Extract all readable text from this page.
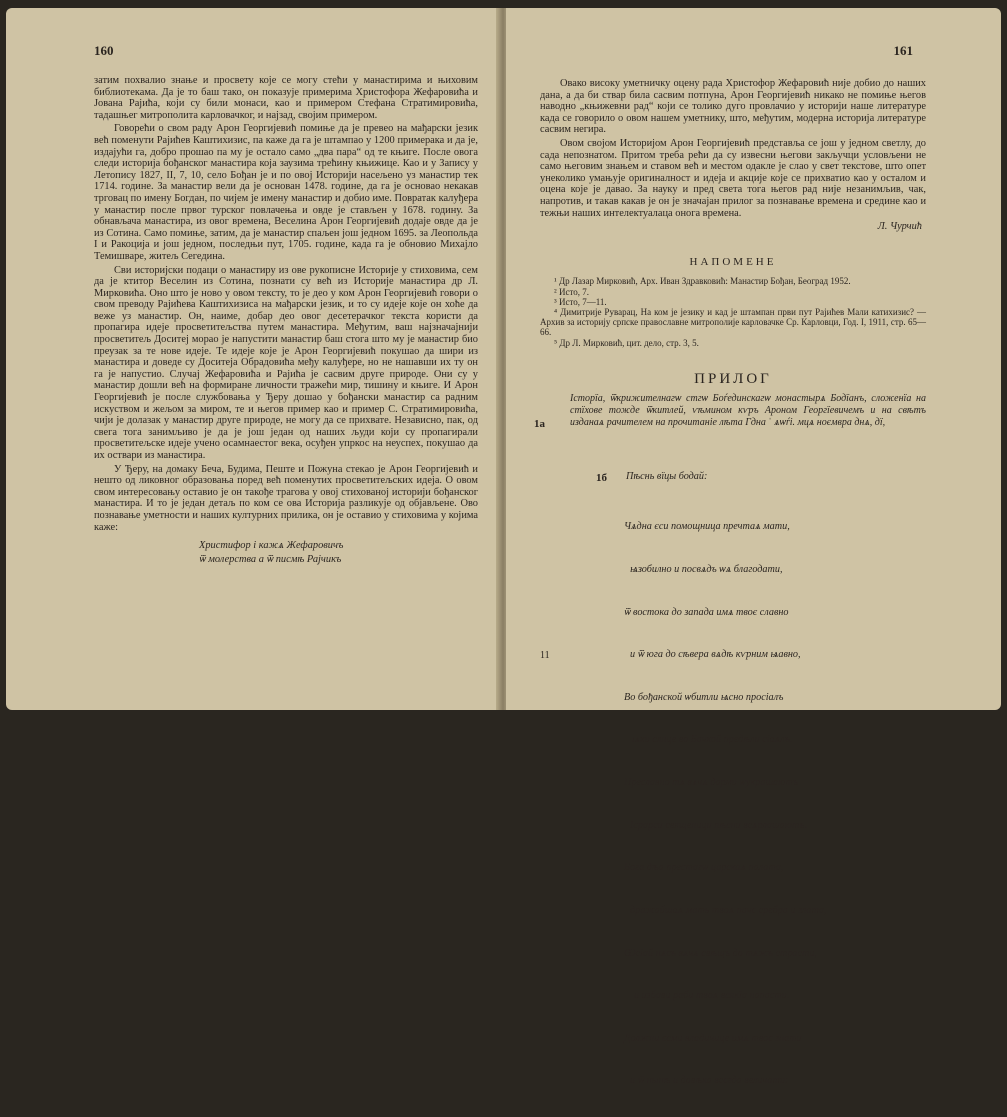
160

затим похвалио знање и просвету које се могу стећи у манастирима и њиховим библиотекама. Да је то баш тако, он показује примерима Христофора Жефаровића и Јована Рајића, који су били монаси, као и примером Стефана Стратимировића, тадашњег митрополита карловачког, и најзад, својим примером.

Говорећи о свом раду Арон Георгијевић помиње да је превео на мађарски језик већ поменути Рајићев Каштихизис, па каже да га је штампао у 1200 примерака и да је, издајући га, добро прошао па му је остало само „два пара“ од те књиге. После овога следи историја бођанског манастира која заузима трећину књижице. Као и у Запису у Летопису 1827, II, 7, 10, село Бођан је и по овој Историји насељено уз манастир тек 1714. године. За манастир вели да је основан 1478. године, да га је основао некакав трговац по имену Богдан, по чијем је имену манастир и добио име. Повратак калуђера у манастир после првог турског повлачења и овде је стављен у 1678. годину. За обнављача манастира, из овог времена, Веселина Арон Георгијевић додаје овде да је из Сотина. Само помиње, затим, да је манастир спаљен још једном 1695. за Леопольда I и Ракоција и још једном, последњи пут, 1705. године, када га је обновио Михајло Темишваре, житељ Сегедина.

Сви историјски подаци о манастиру из ове рукописне Историје у стиховима, сем да је ктитор Веселин из Сотина, познати су већ из Историје манастира др Л. Мирковића. Оно што је ново у овом тексту, то је део у ком Арон Георгијевић говори о свом преводу Рајићева Каштихизиса на мађарски језик, и то су идеје које он хоће да веже уз манастир. Он, наиме, добар део овог десетерачког текста користи да пропагира идеје просветитељства путем манастира. Међутим, ваш најзначајнији просветитељ Доситеј морао је напустити манастир баш стога што му је манастир био преузак за те нове идеје. Те идеје које је Арон Георгијевић покушао да шири из манастира и доведе су Доситеја Обрадовића међу калуђере, но не нашавши их ту он га је напустио. Случај Жефаровића и Рајића је сасвим друге природе. Они су у манастир дошли већ на формиране личности тражећи мир, тишину и књиге. И Арон Георгијевић је после службовања у Ђеру дошао у бођански манастир са радним искуством и жељом за миром, те и његов пример као и пример С. Стратимировића, чији је долазак у манастир друге природе, не могу да се прихвате. Независно, пак, од свега тога занимљиво је да је још један од наших људи који су пропагирали просветитељске идеје учено осамнаестог века, осуђен упркос на неуспех, покушао да их оствари из манастира.

У Ђеру, на домаку Беча, Будима, Пеште и Пожуна стекао је Арон Георгијевић и нешто од ликовног образовања поред већ поменутих просветитељских идеја. О овом свом интересовању оставио је он такође трагова у овој стихованој историји бођанског манастира. И то је један детаљ по ком се ова Историја разликује од објављене. Ово познавање уметности и наших културних прилика, он је оставио у стиховима у којима каже:

Христифор і кажѧ Жефаровичъ
ѿ молерства а ѿ писмѣ Рајчикъ
161

Овако високу уметничку оцену рада Христофор Жефаровић није добио до наших дана, а да би ствар била сасвим потпуна, Арон Георгијевић никако не помиње његов наводно „књижевни рад“ који се толико дуго провлачио у историји наше литературе када се говорило о овом нашем уметнику, што, међутим, модерна историја литературе сасвим негира.

Овом својом Историјом Арон Георгијевић представља се још у једном светлу, до сада непознатом. Притом треба рећи да су извесни његови закључци условљени не само његовим знањем и ставом већ и местом одакле је слао у свет текстове, што опет унеколико умањује оригиналност и идеја и акције које се прихватио као у осталом и оцена које је давао. За науку и пред света тога његов рад није незанимљив, чак, напротив, и такав какав је он је значајан прилог за познавање времена и средине као и тежњи наших интелектуалаца онога времена.

Л. Чурчић
НАПОМЕНЕ
¹ Др Лазар Мирковић, Арх. Иван Здравковић: Манастир Бођан, Београд 1952.
² Исто, 7.
³ Исто, 7—11.
⁴ Димитрије Руварац, На ком је језику и кад је штампан први пут Рајићев Мали катихизис? — Архив за историју српске православне митрополије карловачке Ср. Карловци, Год. I, 1911, стр. 65—66.
⁵ Др Л. Мирковић, цит. дело, стр. 3, 5.
ПРИЛОГ
Історїа, ѿкрижителнагѡ стгѡ Боѓединскагѡ монастырѧ Бодїанъ, сложенїа на стїхове тожде ѿкитлей, ѵѣмином кѵръ Ароном Георгїевичемъ и на свѣтъ изданаѧ рачителем на прочитаніе лѣта Гдна ˈ ѧѡѓі. мцѧ ноємвра днѧ, дї,
1а
1б Пѣснь вїцы бодай:

Чѧдна єси помощница пречтаѧ мати,

ѩзобилно и посвѧдъ ѡѧ благодати,

ѿ востока до запада имѧ твоє славно

и ѿ юга до сѣвера вѧдѣ кѵрним ѩавно,

Во бођанской ѡбитли ѩсно просіалъ

ѩки слнце во Бачкой предѣли сіаѧлъ.

Преславно тѧ вѧчѧ дарми ѡукрашаютъ

Ієрарси священици пѣсни всѧрлашаютъ.

Бога дѣа престагѡ царскаѧ палата,

дражайшаѧ мать твоѧ пачє сребра и злата,

Ѡсіай нѧсъ вѧчѧ свѣщъ до тѧжъ страсти,

и избави раби твоѧ всякїа напасти.

Должни єсми владичице имѧ твоє знати

и ѿ нынѣ и довѣка всєгда величати:

11
